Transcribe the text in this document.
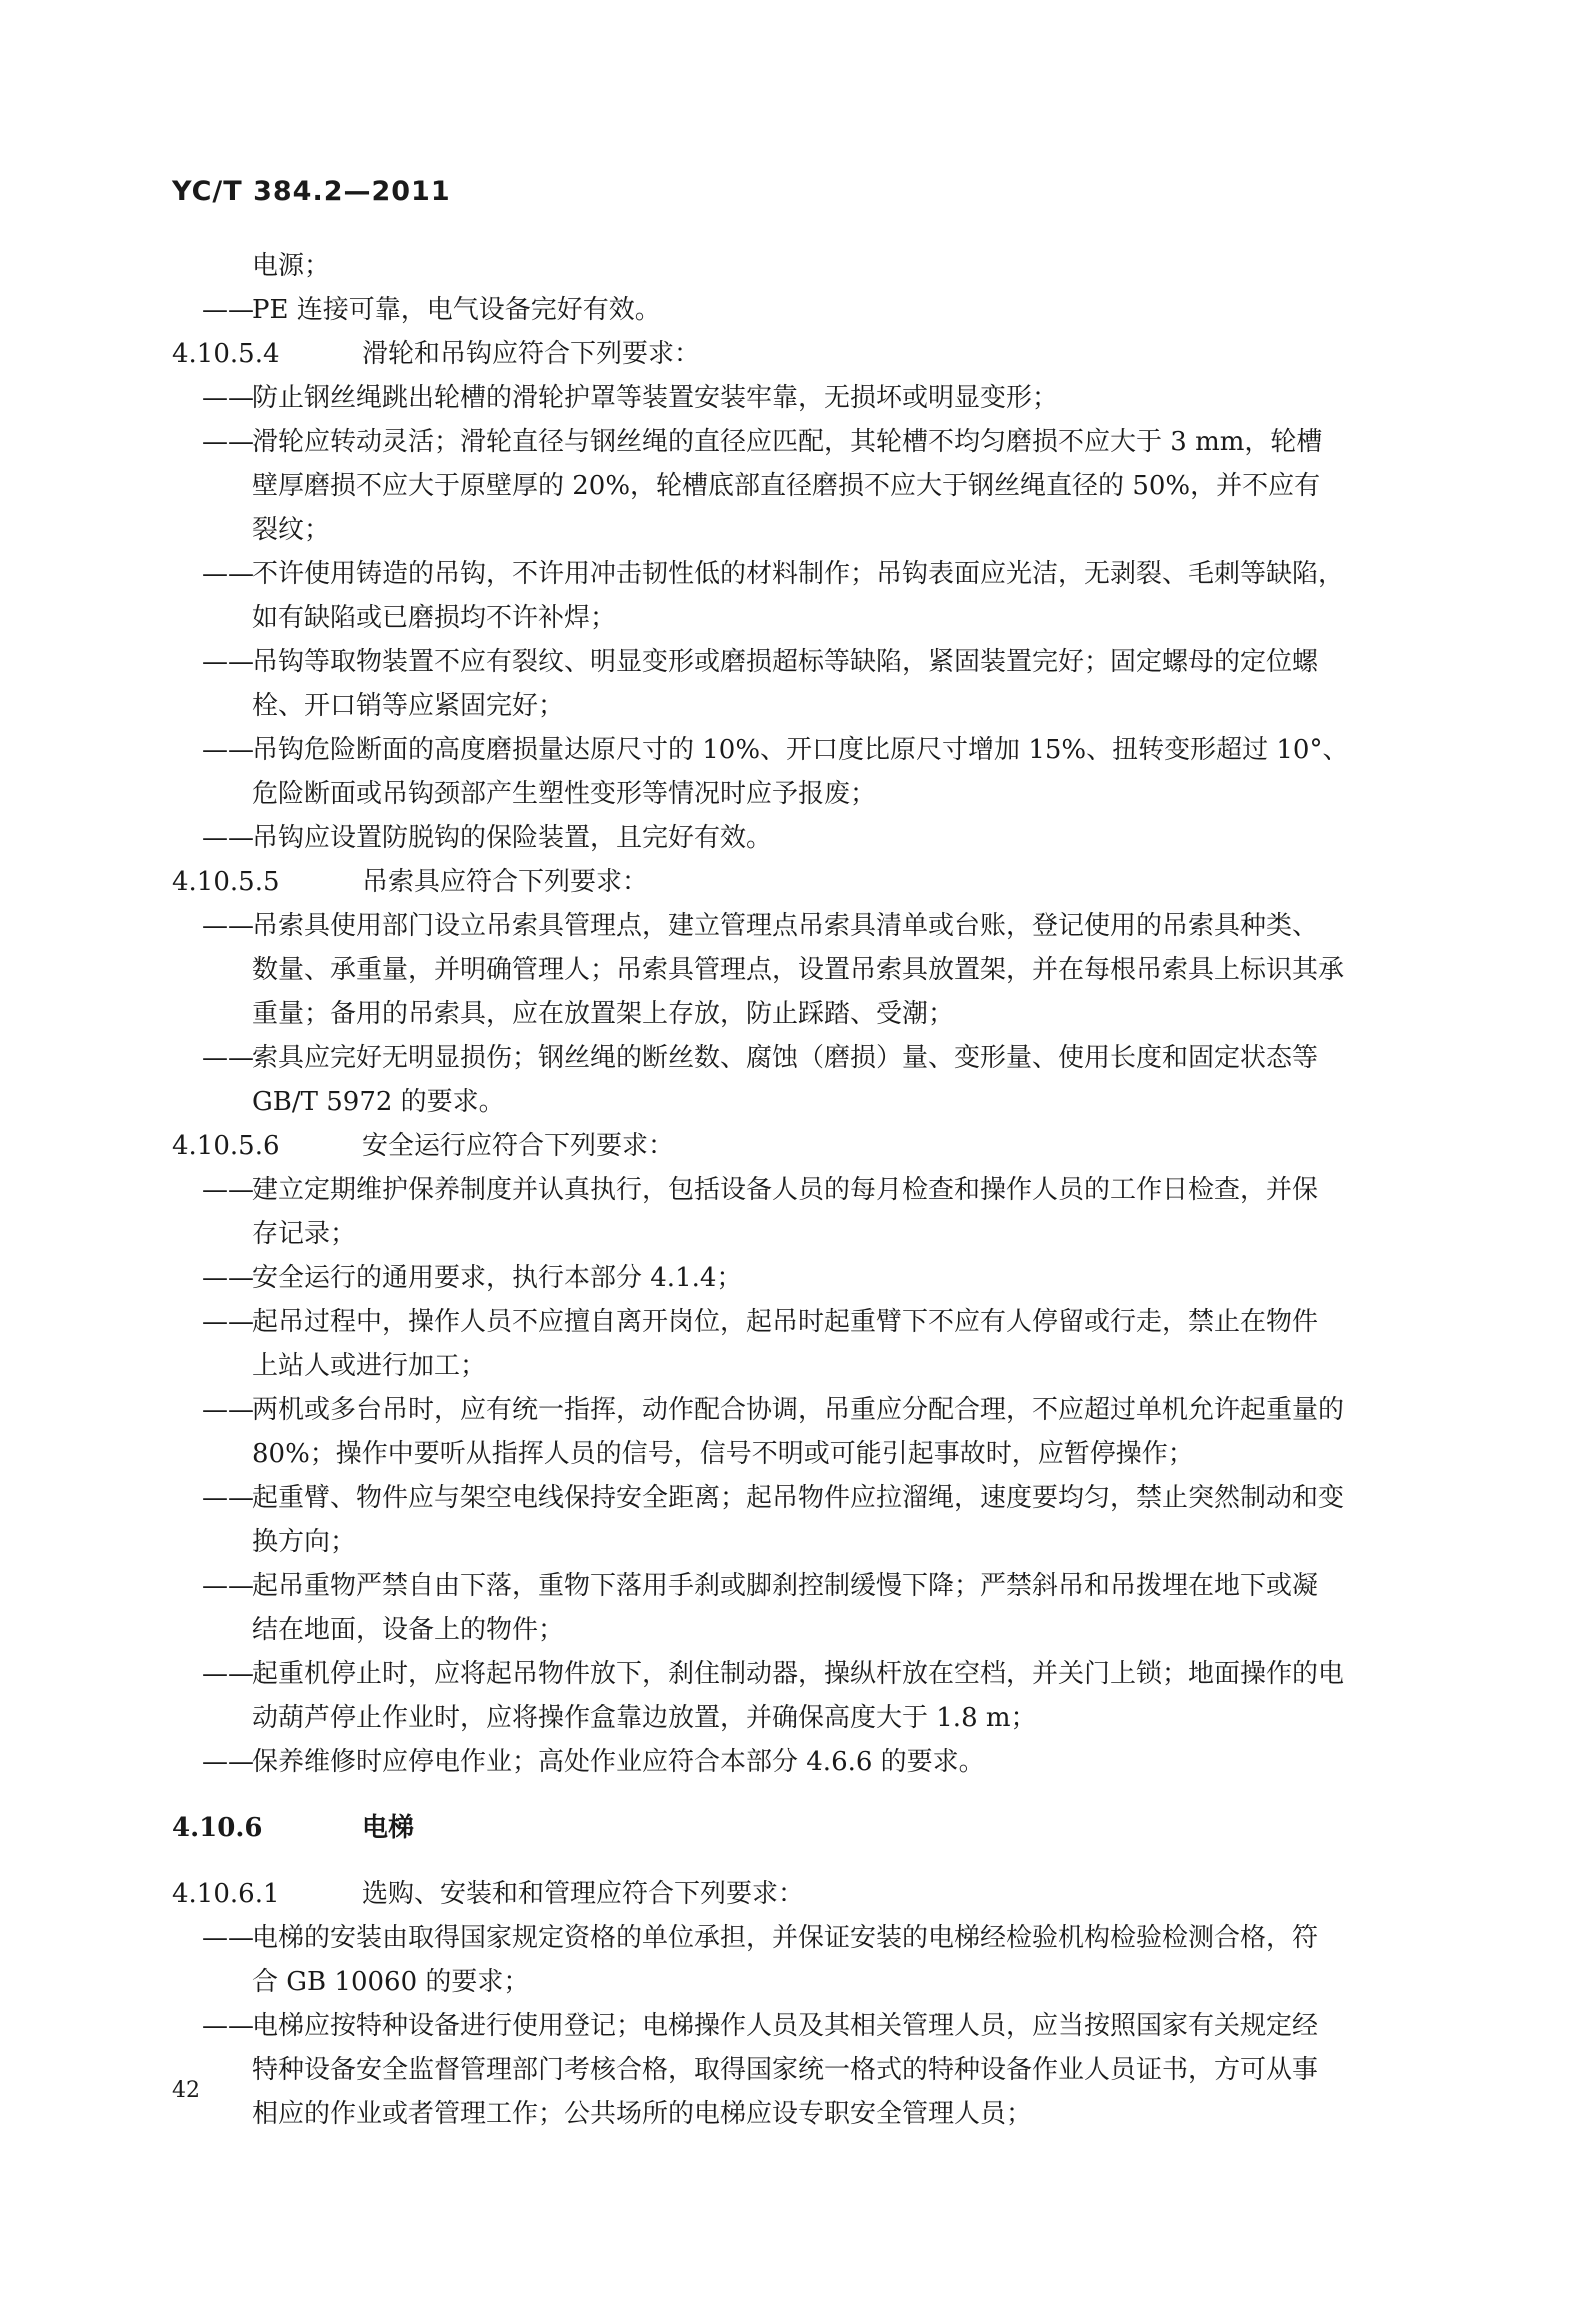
YC/T 384.2—2011
电源；
——
PE 连接可靠，电气设备完好有效。
4.10.5.4	滑轮和吊钩应符合下列要求：
——
防止钢丝绳跳出轮槽的滑轮护罩等装置安装牢靠，无损坏或明显变形；
——
滑轮应转动灵活；滑轮直径与钢丝绳的直径应匹配，其轮槽不均匀磨损不应大于 3 mm，轮槽
壁厚磨损不应大于原壁厚的 20%，轮槽底部直径磨损不应大于钢丝绳直径的 50%，并不应有
裂纹；
——
不许使用铸造的吊钩，不许用冲击韧性低的材料制作；吊钩表面应光洁，无剥裂、毛刺等缺陷，
如有缺陷或已磨损均不许补焊；
——
吊钩等取物装置不应有裂纹、明显变形或磨损超标等缺陷，紧固装置完好；固定螺母的定位螺
栓、开口销等应紧固完好；
——
吊钩危险断面的高度磨损量达原尺寸的 10%、开口度比原尺寸增加 15%、扭转变形超过 10°、
危险断面或吊钩颈部产生塑性变形等情况时应予报废；
——
吊钩应设置防脱钩的保险装置，且完好有效。
4.10.5.5	吊索具应符合下列要求：
——
吊索具使用部门设立吊索具管理点，建立管理点吊索具清单或台账，登记使用的吊索具种类、
数量、承重量，并明确管理人；吊索具管理点，设置吊索具放置架，并在每根吊索具上标识其承
重量；备用的吊索具，应在放置架上存放，防止踩踏、受潮；
——
索具应完好无明显损伤；钢丝绳的断丝数、腐蚀（磨损）量、变形量、使用长度和固定状态等
GB/T 5972 的要求。
4.10.5.6	安全运行应符合下列要求：
——
建立定期维护保养制度并认真执行，包括设备人员的每月检查和操作人员的工作日检查，并保
存记录；
——
安全运行的通用要求，执行本部分 4.1.4；
——
起吊过程中，操作人员不应擅自离开岗位，起吊时起重臂下不应有人停留或行走，禁止在物件
上站人或进行加工；
——
两机或多台吊时，应有统一指挥，动作配合协调，吊重应分配合理，不应超过单机允许起重量的
80%；操作中要听从指挥人员的信号，信号不明或可能引起事故时，应暂停操作；
——
起重臂、物件应与架空电线保持安全距离；起吊物件应拉溜绳，速度要均匀，禁止突然制动和变
换方向；
——
起吊重物严禁自由下落，重物下落用手刹或脚刹控制缓慢下降；严禁斜吊和吊拨埋在地下或凝
结在地面，设备上的物件；
——
起重机停止时，应将起吊物件放下，刹住制动器，操纵杆放在空档，并关门上锁；地面操作的电
动葫芦停止作业时，应将操作盒靠边放置，并确保高度大于 1.8 m；
——
保养维修时应停电作业；高处作业应符合本部分 4.6.6 的要求。
4.10.6	电梯
4.10.6.1	选购、安装和和管理应符合下列要求：
——
电梯的安装由取得国家规定资格的单位承担，并保证安装的电梯经检验机构检验检测合格，符
合 GB 10060 的要求；
——
电梯应按特种设备进行使用登记；电梯操作人员及其相关管理人员，应当按照国家有关规定经
特种设备安全监督管理部门考核合格，取得国家统一格式的特种设备作业人员证书，方可从事
相应的作业或者管理工作；公共场所的电梯应设专职安全管理人员；
42
